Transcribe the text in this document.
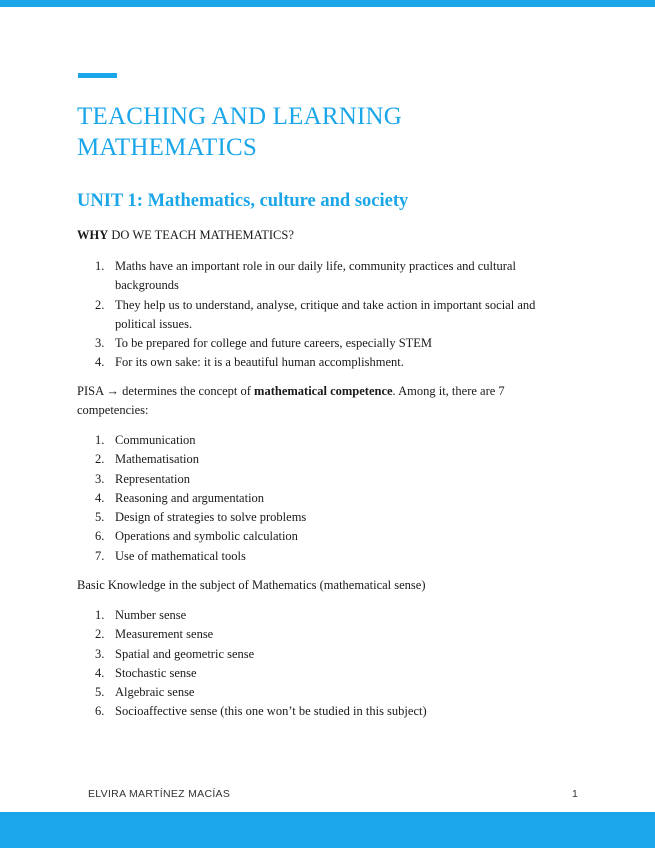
TEACHING AND LEARNING
MATHEMATICS
UNIT 1: Mathematics, culture and society

WHY DO WE TEACH MATHEMATICS?

1. Maths have an important role in our daily life, community practices and cultural backgrounds
2. They help us to understand, analyse, critique and take action in important social and political issues.
3. To be prepared for college and future careers, especially STEM
4. For its own sake: it is a beautiful human accomplishment.

PISA → determines the concept of mathematical competence. Among it, there are 7 competencies:

1. Communication
2. Mathematisation
3. Representation
4. Reasoning and argumentation
5. Design of strategies to solve problems
6. Operations and symbolic calculation
7. Use of mathematical tools

Basic Knowledge in the subject of Mathematics (mathematical sense)

1. Number sense
2. Measurement sense
3. Spatial and geometric sense
4. Stochastic sense
5. Algebraic sense
6. Socioaffective sense (this one won’t be studied in this subject)
ELVIRA MARTÍNEZ MACÍAS	1
